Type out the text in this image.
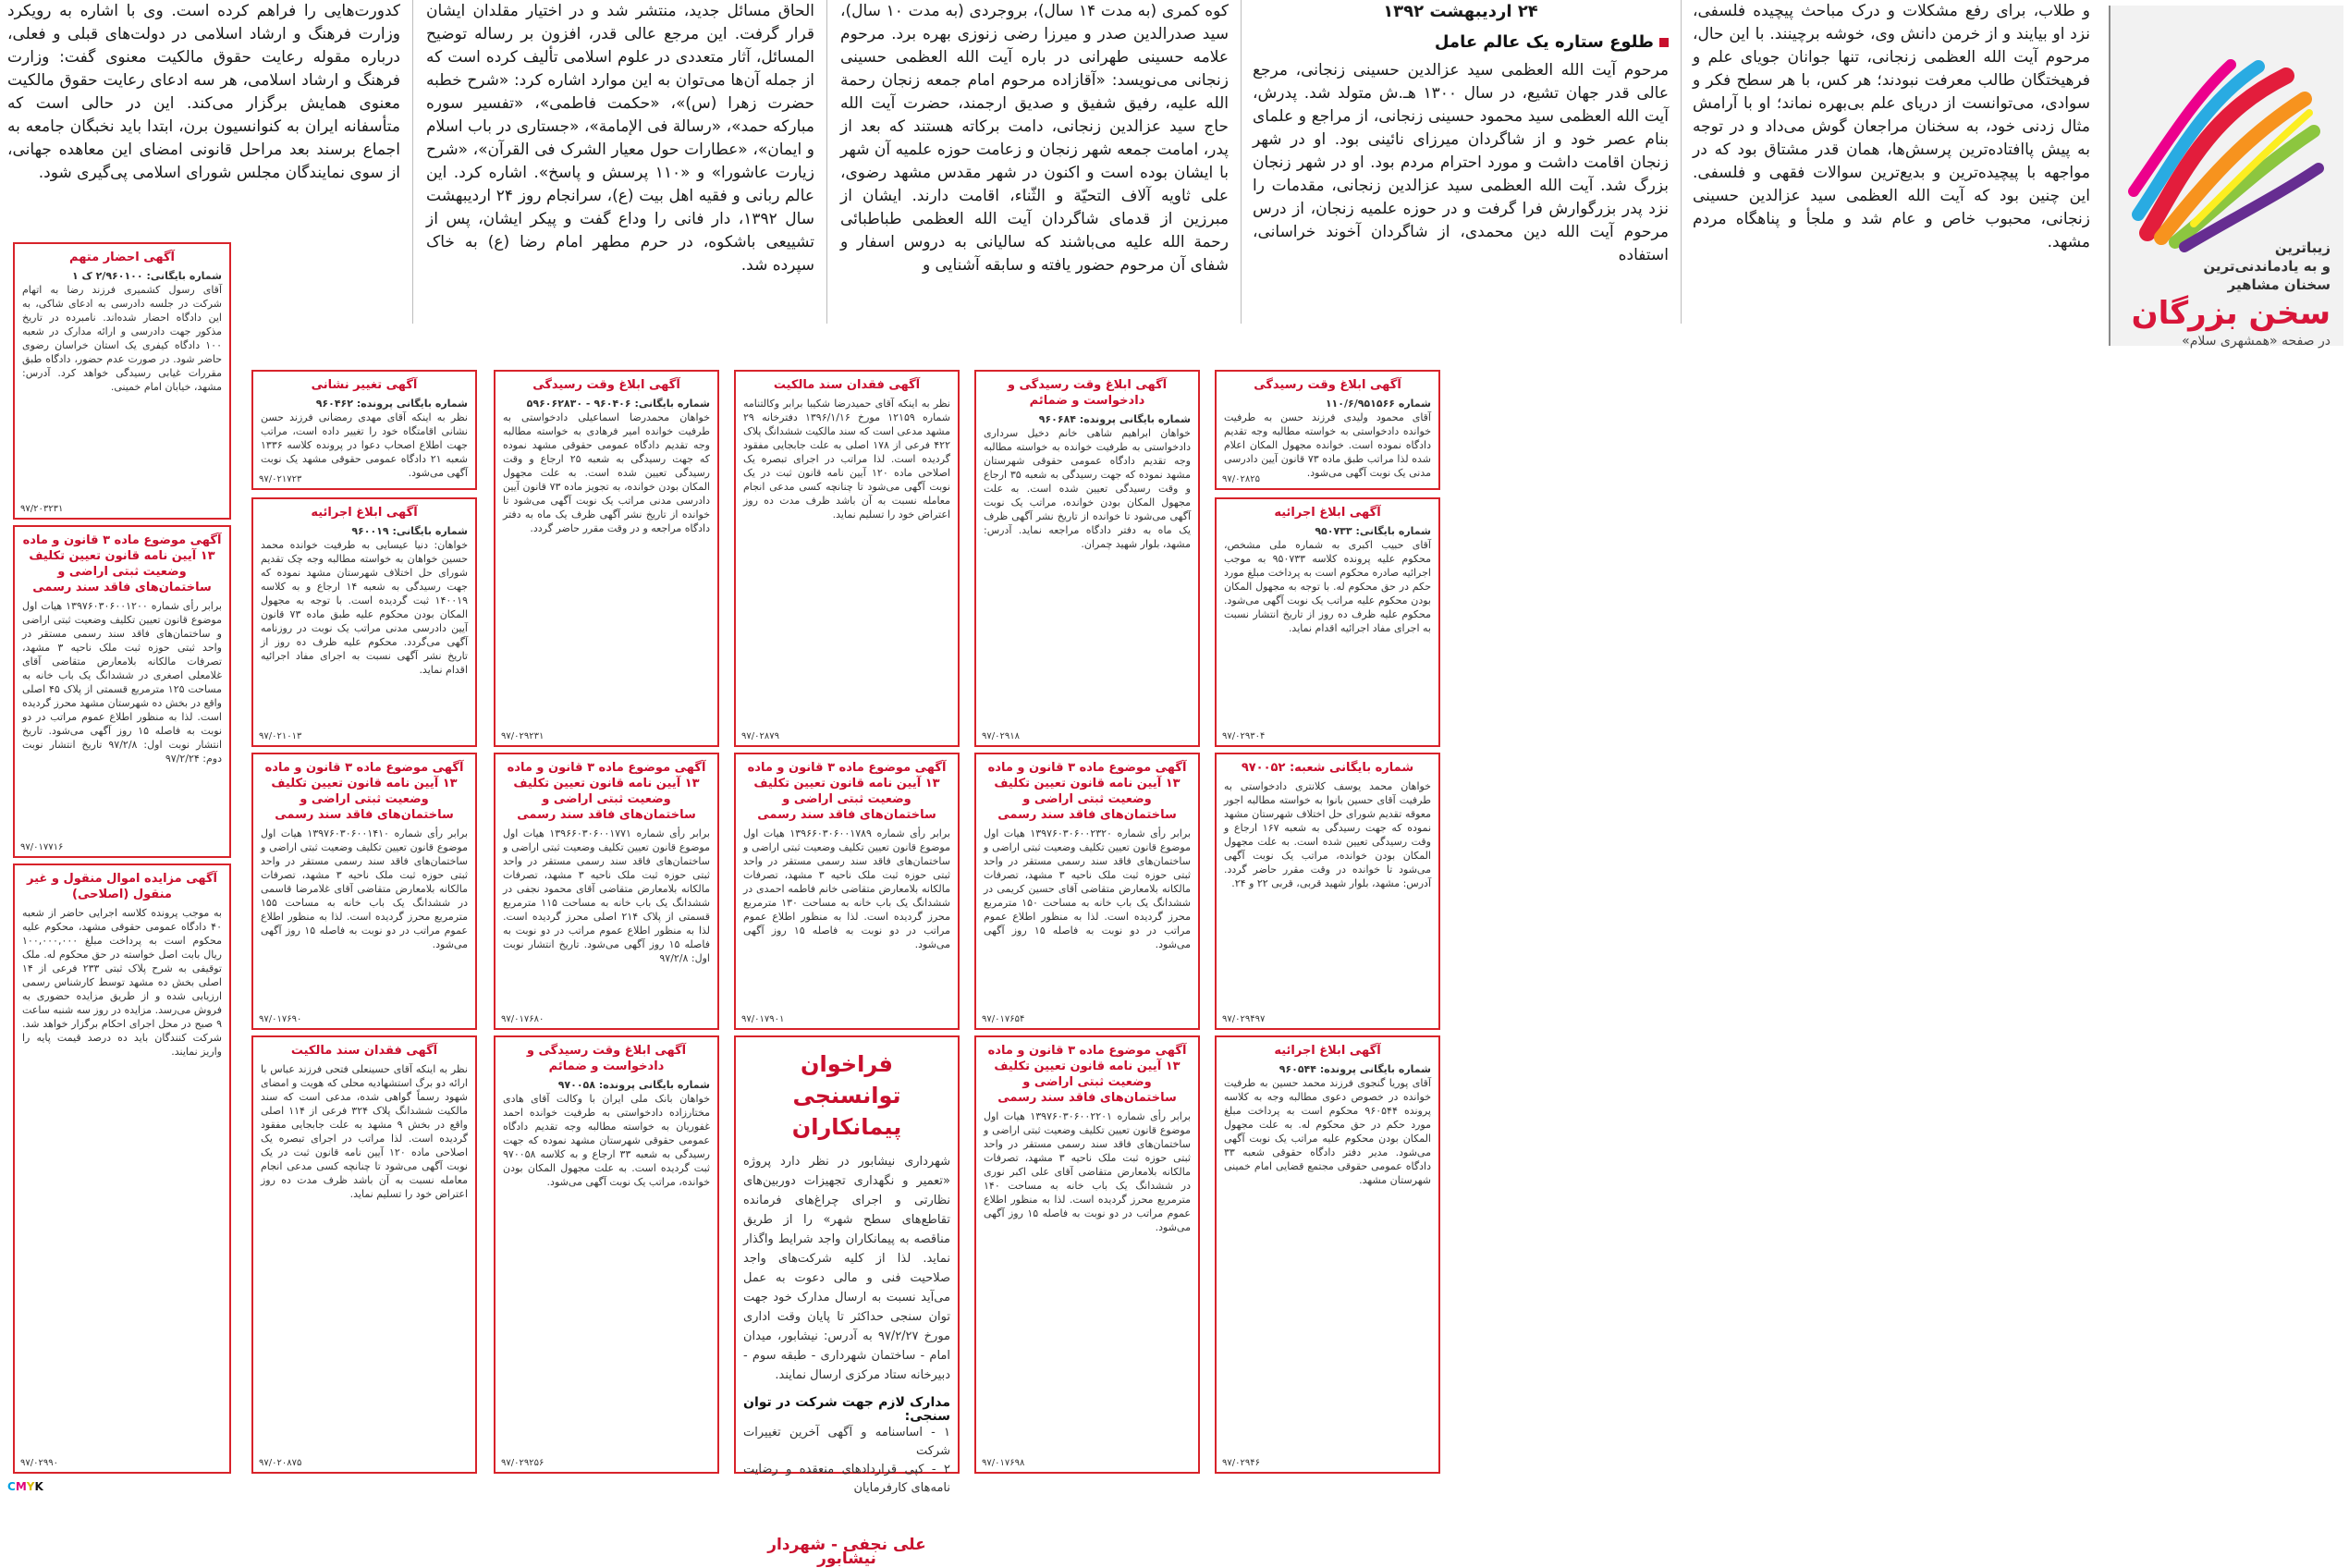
زیباترین
و به یادماندنی‌ترین
سخنان مشاهیر
سخن بزرگان
در صفحه «همشهری سلام»

و طلاب، برای رفع مشکلات و درک مباحث پیچیده فلسفی، نزد او بیایند و از خرمن دانش وی، خوشه برچینند. با این حال، مرحوم آیت الله العظمی زنجانی، تنها جوانان جویای علم و فرهیختگان طالب معرفت نبودند؛ هر کس، با هر سطح فکر و سوادی، می‌توانست از دریای علم بی‌بهره نماند؛ او با آرامش مثال زدنی خود، به سخنان مراجعان گوش می‌داد و در توجه به پیش پاافتاده‌ترین پرسش‌ها، همان قدر مشتاق بود که در مواجهه با پیچیده‌ترین و بدیع‌ترین سوالات فقهی و فلسفی. این چنین بود که آیت الله العظمی سید عزالدین حسینی زنجانی، محبوب خاص و عام شد و ملجأ و پناهگاه مردم مشهد.

۲۴ اردیبهشت ۱۳۹۲
طلوع ستاره یک عالم عامل

مرحوم آیت الله العظمی سید عزالدین حسینی زنجانی، مرجع عالی قدر جهان تشیع، در سال ۱۳۰۰ هـ.ش متولد شد. پدرش، آیت الله العظمی سید محمود حسینی زنجانی، از مراجع و علمای بنام عصر خود و از شاگردان میرزای نائینی بود. او در شهر زنجان اقامت داشت و مورد احترام مردم بود. او در شهر زنجان بزرگ شد. آیت الله العظمی سید عزالدین زنجانی، مقدمات را نزد پدر بزرگوارش فرا گرفت و در حوزه علمیه زنجان، از درس مرحوم آیت الله دین محمدی، از شاگردان آخوند خراسانی، استفاده

کوه کمری (به مدت ۱۴ سال)، بروجردی (به مدت ۱۰ سال)، سید صدرالدین صدر و میرزا رضی زنوزی بهره برد. مرحوم علامه حسینی طهرانی در باره آیت الله العظمی حسینی زنجانی می‌نویسد: «آقازاده مرحوم امام جمعه زنجان رحمة الله علیه، رفیق شفیق و صدیق ارجمند، حضرت آیت الله حاج سید عزالدین زنجانی، دامت برکاته هستند که بعد از پدر، امامت جمعه شهر زنجان و زعامت حوزه علمیه آن شهر با ایشان بوده است و اکنون در شهر مقدس مشهد رضوی، علی ثاویه آلاف التحیّة و الثّناء، اقامت دارند. ایشان از مبرزین از قدمای شاگردان آیت الله العظمی طباطبائی رحمة الله علیه می‌باشند که سالیانی به دروس اسفار و شفای آن مرحوم حضور یافته و سابقه آشنایی و

الحاق مسائل جدید، منتشر شد و در اختیار مقلدان ایشان قرار گرفت. این مرجع عالی قدر، افزون بر رساله توضیح المسائل، آثار متعددی در علوم اسلامی تألیف کرده است که از جمله آن‌ها می‌توان به این موارد اشاره کرد: «شرح خطبه حضرت زهرا (س)»، «حکمت فاطمی»، «تفسیر سوره مبارکه حمد»، «رسالة فی الإمامة»، «جستاری در باب اسلام و ایمان»، «عطارات حول معیار الشرک فی القرآن»، «شرح زیارت عاشورا» و «۱۱۰ پرسش و پاسخ». اشاره کرد. این عالم ربانی و فقیه اهل بیت (ع)، سرانجام روز ۲۴ اردیبهشت سال ۱۳۹۲، دار فانی را وداع گفت و پیکر ایشان، پس از تشییعی باشکوه، در حرم مطهر امام رضا (ع) به خاک سپرده شد.

کدورت‌هایی را فراهم کرده است. وی با اشاره به رویکرد وزارت فرهنگ و ارشاد اسلامی در دولت‌های قبلی و فعلی، درباره مقوله رعایت حقوق مالکیت معنوی گفت: وزارت فرهنگ و ارشاد اسلامی، هر سه ادعای رعایت حقوق مالکیت معنوی همایش برگزار می‌کند. این در حالی است که متأسفانه ایران به کنوانسیون برن، ابتدا باید نخبگان جامعه به اجماع برسند بعد مراحل قانونی امضای این معاهده جهانی، از سوی نمایندگان مجلس شورای اسلامی پی‌گیری شود.

آگهی احضار متهم
شماره بایگانی: ۲/۹۶۰۱۰۰ ک ۱
آقای رسول کشمیری فرزند رضا به اتهام شرکت در جلسه دادرسی به ادعای شاکی، به این دادگاه احضار شده‌اند. نامبرده در تاریخ مذکور جهت دادرسی و ارائه مدارک در شعبه ۱۰۰ دادگاه کیفری یک استان خراسان رضوی حاضر شود. در صورت عدم حضور، دادگاه طبق مقررات غیابی رسیدگی خواهد کرد. آدرس: مشهد، خیابان امام خمینی.
۹۷/۲۰۳۲۳۱
آگهی موضوع ماده ۳ قانون و ماده ۱۳ آیین نامه قانون تعیین تکلیف وضعیت ثبتی اراضی و ساختمان‌های فاقد سند رسمی
برابر رأی شماره ۱۳۹۷۶۰۳۰۶۰۰۱۲۰۰ هیات اول موضوع قانون تعیین تکلیف وضعیت ثبتی اراضی و ساختمان‌های فاقد سند رسمی مستقر در واحد ثبتی حوزه ثبت ملک ناحیه ۳ مشهد، تصرفات مالکانه بلامعارض متقاضی آقای غلامعلی اصغری در ششدانگ یک باب خانه به مساحت ۱۲۵ مترمربع قسمتی از پلاک ۴۵ اصلی واقع در بخش ده شهرستان مشهد محرز گردیده است. لذا به منظور اطلاع عموم مراتب در دو نوبت به فاصله ۱۵ روز آگهی می‌شود. تاریخ انتشار نوبت اول: ۹۷/۲/۸ تاریخ انتشار نوبت دوم: ۹۷/۲/۲۴
۹۷/۰۱۷۷۱۶
آگهی مزایده اموال منقول و غیر منقول (اصلاحی)
به موجب پرونده کلاسه اجرایی حاضر از شعبه ۴۰ دادگاه عمومی حقوقی مشهد، محکوم علیه محکوم است به پرداخت مبلغ ۱۰۰,۰۰۰,۰۰۰ ریال بابت اصل خواسته در حق محکوم له. ملک توقیفی به شرح پلاک ثبتی ۲۳۳ فرعی از ۱۴ اصلی بخش ده مشهد توسط کارشناس رسمی ارزیابی شده و از طریق مزایده حضوری به فروش می‌رسد. مزایده در روز سه شنبه ساعت ۹ صبح در محل اجرای احکام برگزار خواهد شد. شرکت کنندگان باید ده درصد قیمت پایه را واریز نمایند.
۹۷/۰۲۹۹۰
آگهی تغییر نشانی
شماره بایگانی پرونده: ۹۶۰۴۶۲
نظر به اینکه آقای مهدی رمضانی فرزند حسن نشانی اقامتگاه خود را تغییر داده است، مراتب جهت اطلاع اصحاب دعوا در پرونده کلاسه ۱۳۳۶ شعبه ۲۱ دادگاه عمومی حقوقی مشهد یک نوبت آگهی می‌شود.
۹۷/۰۲۱۷۲۳
آگهی ابلاغ اجرائیه
شماره بایگانی: ۹۶۰۰۱۹
خواهان: دنیا عیسایی به طرفیت خوانده محمد حسین خواهان به خواسته مطالبه وجه چک تقدیم شورای حل اختلاف شهرستان مشهد نموده که جهت رسیدگی به شعبه ۱۴ ارجاع و به کلاسه ۱۴۰۰۱۹ ثبت گردیده است. با توجه به مجهول المکان بودن محکوم علیه طبق ماده ۷۳ قانون آیین دادرسی مدنی مراتب یک نوبت در روزنامه آگهی می‌گردد. محکوم علیه ظرف ده روز از تاریخ نشر آگهی نسبت به اجرای مفاد اجرائیه اقدام نماید.
۹۷/۰۲۱۰۱۳
آگهی موضوع ماده ۳ قانون و ماده ۱۳ آیین نامه قانون تعیین تکلیف وضعیت ثبتی اراضی و ساختمان‌های فاقد سند رسمی
برابر رأی شماره ۱۳۹۷۶۰۳۰۶۰۰۱۴۱۰ هیات اول موضوع قانون تعیین تکلیف وضعیت ثبتی اراضی و ساختمان‌های فاقد سند رسمی مستقر در واحد ثبتی حوزه ثبت ملک ناحیه ۳ مشهد، تصرفات مالکانه بلامعارض متقاضی آقای غلامرضا قاسمی در ششدانگ یک باب خانه به مساحت ۱۵۵ مترمربع محرز گردیده است. لذا به منظور اطلاع عموم مراتب در دو نوبت به فاصله ۱۵ روز آگهی می‌شود.
۹۷/۰۱۷۶۹۰
آگهی فقدان سند مالکیت
نظر به اینکه آقای حسینعلی فتحی فرزند عباس با ارائه دو برگ استشهادیه محلی که هویت و امضای شهود رسماً گواهی شده، مدعی است که سند مالکیت ششدانگ پلاک ۳۲۴ فرعی از ۱۱۴ اصلی واقع در بخش ۹ مشهد به علت جابجایی مفقود گردیده است. لذا مراتب در اجرای تبصره یک اصلاحی ماده ۱۲۰ آیین نامه قانون ثبت در یک نوبت آگهی می‌شود تا چنانچه کسی مدعی انجام معامله نسبت به آن باشد ظرف مدت ده روز اعتراض خود را تسلیم نماید.
۹۷/۰۲۰۸۷۵
آگهی ابلاغ وقت رسیدگی
شماره بایگانی: ۹۶۰۴۰۶ - ۵۹۶۰۶۲۸۳۰
خواهان محمدرضا اسماعیلی دادخواستی به طرفیت خوانده امیر فرهادی به خواسته مطالبه وجه تقدیم دادگاه عمومی حقوقی مشهد نموده که جهت رسیدگی به شعبه ۲۵ ارجاع و وقت رسیدگی تعیین شده است. به علت مجهول المکان بودن خوانده، به تجویز ماده ۷۳ قانون آیین دادرسی مدنی مراتب یک نوبت آگهی می‌شود تا خوانده از تاریخ نشر آگهی ظرف یک ماه به دفتر دادگاه مراجعه و در وقت مقرر حاضر گردد.
۹۷/۰۲۹۲۳۱
آگهی موضوع ماده ۳ قانون و ماده ۱۳ آیین نامه قانون تعیین تکلیف وضعیت ثبتی اراضی و ساختمان‌های فاقد سند رسمی
برابر رأی شماره ۱۳۹۶۶۰۳۰۶۰۰۱۷۷۱ هیات اول موضوع قانون تعیین تکلیف وضعیت ثبتی اراضی و ساختمان‌های فاقد سند رسمی مستقر در واحد ثبتی حوزه ثبت ملک ناحیه ۳ مشهد، تصرفات مالکانه بلامعارض متقاضی آقای محمود نجفی در ششدانگ یک باب خانه به مساحت ۱۱۵ مترمربع قسمتی از پلاک ۲۱۴ اصلی محرز گردیده است. لذا به منظور اطلاع عموم مراتب در دو نوبت به فاصله ۱۵ روز آگهی می‌شود. تاریخ انتشار نوبت اول: ۹۷/۲/۸
۹۷/۰۱۷۶۸۰
آگهی ابلاغ وقت رسیدگی و دادخواست و ضمائم
شماره بایگانی پرونده: ۹۷۰۰۵۸
خواهان بانک ملی ایران با وکالت آقای هادی مختارزاده دادخواستی به طرفیت خوانده احمد غفوریان به خواسته مطالبه وجه تقدیم دادگاه عمومی حقوقی شهرستان مشهد نموده که جهت رسیدگی به شعبه ۳۳ ارجاع و به کلاسه ۹۷۰۰۵۸ ثبت گردیده است. به علت مجهول المکان بودن خوانده، مراتب یک نوبت آگهی می‌شود.
۹۷/۰۲۹۲۵۶
آگهی فقدان سند مالکیت
نظر به اینکه آقای حمیدرضا شکیبا برابر وکالتنامه شماره ۱۲۱۵۹ مورخ ۱۳۹۶/۱/۱۶ دفترخانه ۲۹ مشهد مدعی است که سند مالکیت ششدانگ پلاک ۴۲۲ فرعی از ۱۷۸ اصلی به علت جابجایی مفقود گردیده است. لذا مراتب در اجرای تبصره یک اصلاحی ماده ۱۲۰ آیین نامه قانون ثبت در یک نوبت آگهی می‌شود تا چنانچه کسی مدعی انجام معامله نسبت به آن باشد ظرف مدت ده روز اعتراض خود را تسلیم نماید.
۹۷/۰۲۸۷۹
آگهی موضوع ماده ۳ قانون و ماده ۱۳ آیین نامه قانون تعیین تکلیف وضعیت ثبتی اراضی و ساختمان‌های فاقد سند رسمی
برابر رأی شماره ۱۳۹۶۶۰۳۰۶۰۰۱۷۸۹ هیات اول موضوع قانون تعیین تکلیف وضعیت ثبتی اراضی و ساختمان‌های فاقد سند رسمی مستقر در واحد ثبتی حوزه ثبت ملک ناحیه ۳ مشهد، تصرفات مالکانه بلامعارض متقاضی خانم فاطمه احمدی در ششدانگ یک باب خانه به مساحت ۱۳۰ مترمربع محرز گردیده است. لذا به منظور اطلاع عموم مراتب در دو نوبت به فاصله ۱۵ روز آگهی می‌شود.
۹۷/۰۱۷۹۰۱
فراخوان توانسنجی پیمانکاران
شهرداری نیشابور در نظر دارد پروژه «تعمیر و نگهداری تجهیزات دوربین‌های نظارتی و اجرای چراغ‌های فرمانده تقاطع‌های سطح شهر» را از طریق مناقصه به پیمانکاران واجد شرایط واگذار نماید. لذا از کلیه شرکت‌های واجد صلاحیت فنی و مالی دعوت به عمل می‌آید نسبت به ارسال مدارک خود جهت توان سنجی حداکثر تا پایان وقت اداری مورخ ۹۷/۲/۲۷ به آدرس: نیشابور، میدان امام - ساختمان شهرداری - طبقه سوم - دبیرخانه ستاد مرکزی ارسال نمایند.
مدارک لازم جهت شرکت در توان سنجی:
۱ - اساسنامه و آگهی آخرین تغییرات شرکت
۲ - کپی قراردادهای منعقده و رضایت نامه‌های کارفرمایان
علی نجفی - شهردار نیشابور
آگهی ابلاغ وقت رسیدگی و دادخواست و ضمائم
شماره بایگانی پرونده: ۹۶۰۶۸۴
خواهان ابراهیم شاهی خانم دخیل سرداری دادخواستی به طرفیت خوانده به خواسته مطالبه وجه تقدیم دادگاه عمومی حقوقی شهرستان مشهد نموده که جهت رسیدگی به شعبه ۳۵ ارجاع و وقت رسیدگی تعیین شده است. به علت مجهول المکان بودن خوانده، مراتب یک نوبت آگهی می‌شود تا خوانده از تاریخ نشر آگهی ظرف یک ماه به دفتر دادگاه مراجعه نماید. آدرس: مشهد، بلوار شهید چمران.
۹۷/۰۲۹۱۸
آگهی موضوع ماده ۳ قانون و ماده ۱۳ آیین نامه قانون تعیین تکلیف وضعیت ثبتی اراضی و ساختمان‌های فاقد سند رسمی
برابر رأی شماره ۱۳۹۷۶۰۳۰۶۰۰۲۳۲۰ هیات اول موضوع قانون تعیین تکلیف وضعیت ثبتی اراضی و ساختمان‌های فاقد سند رسمی مستقر در واحد ثبتی حوزه ثبت ملک ناحیه ۳ مشهد، تصرفات مالکانه بلامعارض متقاضی آقای حسین کریمی در ششدانگ یک باب خانه به مساحت ۱۵۰ مترمربع محرز گردیده است. لذا به منظور اطلاع عموم مراتب در دو نوبت به فاصله ۱۵ روز آگهی می‌شود.
۹۷/۰۱۷۶۵۴
آگهی موضوع ماده ۳ قانون و ماده ۱۳ آیین نامه قانون تعیین تکلیف وضعیت ثبتی اراضی و ساختمان‌های فاقد سند رسمی
برابر رأی شماره ۱۳۹۷۶۰۳۰۶۰۰۲۲۰۱ هیات اول موضوع قانون تعیین تکلیف وضعیت ثبتی اراضی و ساختمان‌های فاقد سند رسمی مستقر در واحد ثبتی حوزه ثبت ملک ناحیه ۳ مشهد، تصرفات مالکانه بلامعارض متقاضی آقای علی اکبر نوری در ششدانگ یک باب خانه به مساحت ۱۴۰ مترمربع محرز گردیده است. لذا به منظور اطلاع عموم مراتب در دو نوبت به فاصله ۱۵ روز آگهی می‌شود.
۹۷/۰۱۷۶۹۸
آگهی ابلاغ وقت رسیدگی
شماره ۱۱۰/۶/۹۵۱۵۶۶
آقای محمود ولیدی فرزند حسن به طرفیت خوانده دادخواستی به خواسته مطالبه وجه تقدیم دادگاه نموده است. خوانده مجهول المکان اعلام شده لذا مراتب طبق ماده ۷۳ قانون آیین دادرسی مدنی یک نوبت آگهی می‌شود.
۹۷/۰۲۸۲۵
آگهی ابلاغ اجرائیه
شماره بایگانی: ۹۵۰۷۳۳
آقای حبیب اکبری به شماره ملی مشخص، محکوم علیه پرونده کلاسه ۹۵۰۷۳۳ به موجب اجرائیه صادره محکوم است به پرداخت مبلغ مورد حکم در حق محکوم له. با توجه به مجهول المکان بودن محکوم علیه مراتب یک نوبت آگهی می‌شود. محکوم علیه ظرف ده روز از تاریخ انتشار نسبت به اجرای مفاد اجرائیه اقدام نماید.
۹۷/۰۲۹۳۰۴
شماره بایگانی شعبه: ۹۷۰۰۵۲
خواهان محمد یوسف کلانتری دادخواستی به طرفیت آقای حسین بانوا به خواسته مطالبه اجور معوقه تقدیم شورای حل اختلاف شهرستان مشهد نموده که جهت رسیدگی به شعبه ۱۶۷ ارجاع و وقت رسیدگی تعیین شده است. به علت مجهول المکان بودن خوانده، مراتب یک نوبت آگهی می‌شود تا خوانده در وقت مقرر حاضر گردد. آدرس: مشهد، بلوار شهید قربی، قربی ۲۲ و ۲۴.
۹۷/۰۲۹۴۹۷
آگهی ابلاغ اجرائیه
شماره بایگانی پرونده: ۹۶۰۵۴۴
آقای پوریا گنجوی فرزند محمد حسین به طرفیت خوانده در خصوص دعوی مطالبه وجه به کلاسه پرونده ۹۶۰۵۴۴ محکوم است به پرداخت مبلغ مورد حکم در حق محکوم له. به علت مجهول المکان بودن محکوم علیه مراتب یک نوبت آگهی می‌شود. مدیر دفتر دادگاه حقوقی شعبه ۳۳ دادگاه عمومی حقوقی مجتمع قضایی امام خمینی شهرستان مشهد.
۹۷/۰۲۹۴۶
CMYK
